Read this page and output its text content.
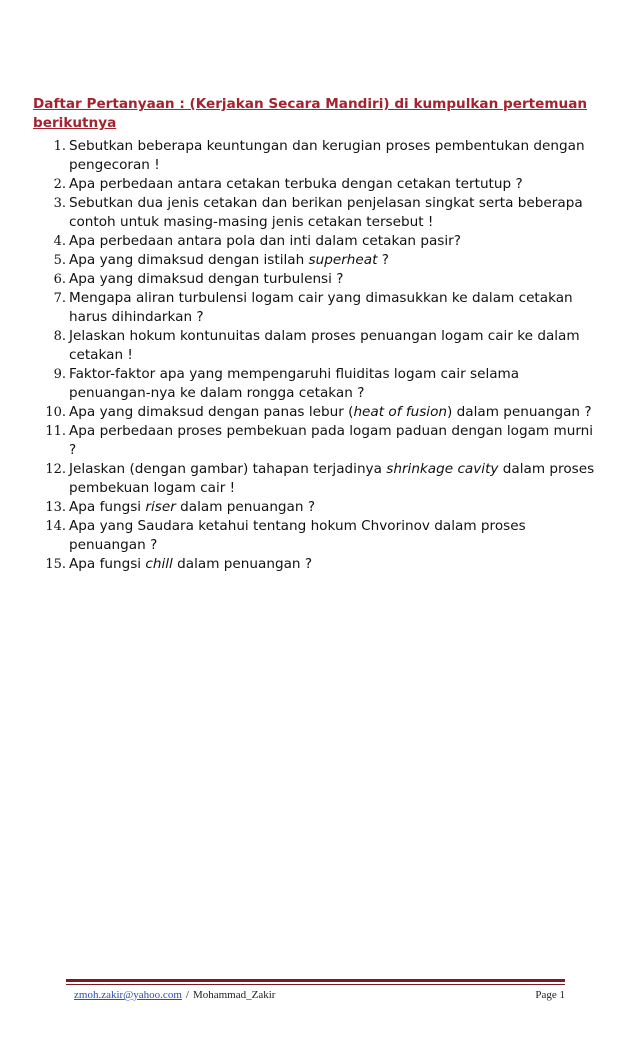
Daftar Pertanyaan : (Kerjakan Secara Mandiri) di kumpulkan pertemuan berikutnya
1. Sebutkan beberapa keuntungan dan kerugian proses pembentukan dengan pengecoran !
2. Apa perbedaan antara cetakan terbuka dengan cetakan tertutup ?
3. Sebutkan dua jenis cetakan dan berikan penjelasan singkat serta beberapa contoh untuk masing-masing jenis cetakan tersebut !
4. Apa perbedaan antara pola dan inti dalam cetakan pasir?
5. Apa yang dimaksud dengan istilah superheat ?
6. Apa yang dimaksud dengan turbulensi ?
7. Mengapa aliran turbulensi logam cair yang dimasukkan ke dalam cetakan harus dihindarkan ?
8. Jelaskan hokum kontunuitas dalam proses penuangan logam cair ke dalam cetakan !
9. Faktor-faktor apa yang mempengaruhi fluiditas logam cair selama penuangan-nya ke dalam rongga cetakan ?
10. Apa yang dimaksud dengan panas lebur (heat of fusion) dalam penuangan ?
11. Apa perbedaan proses pembekuan pada logam paduan dengan logam murni ?
12. Jelaskan (dengan gambar) tahapan terjadinya shrinkage cavity dalam proses pembekuan logam cair !
13. Apa fungsi riser dalam penuangan ?
14. Apa yang Saudara ketahui tentang hokum Chvorinov dalam proses penuangan ?
15. Apa fungsi chill dalam penuangan ?
zmoh.zakir@yahoo.com / Mohammad_Zakir	Page 1
